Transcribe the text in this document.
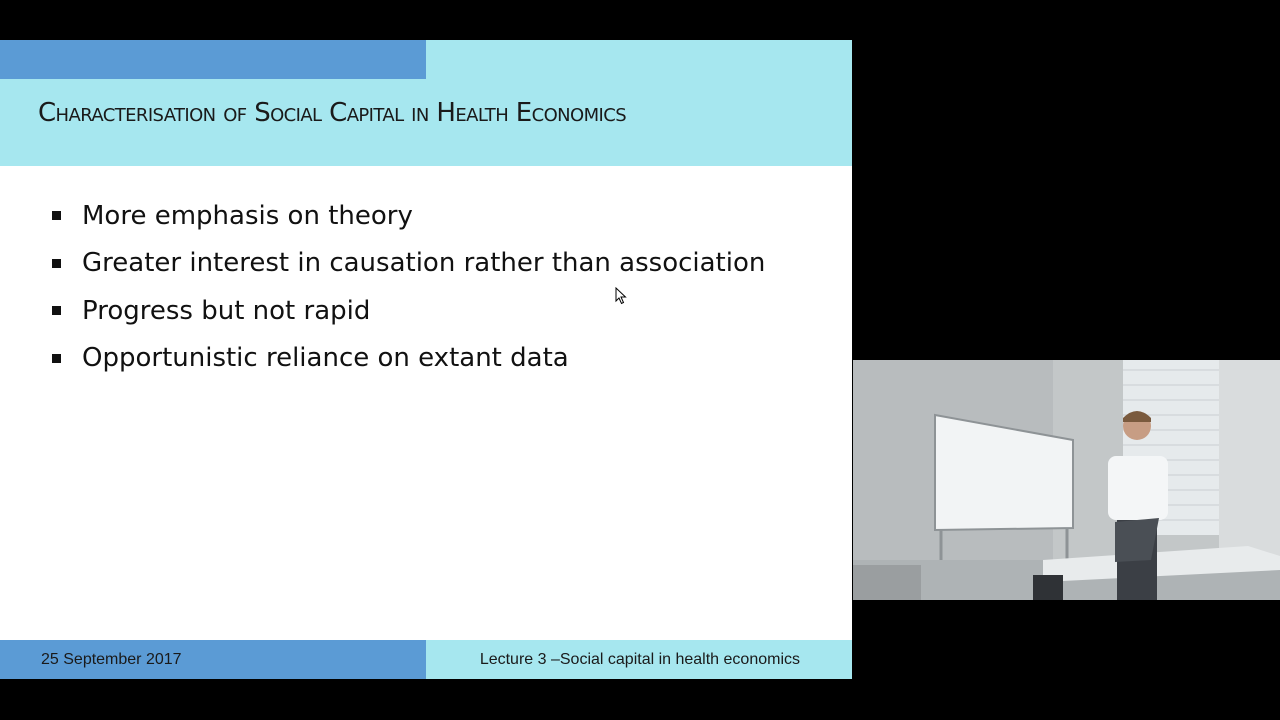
Characterisation of Social Capital in Health Economics
More emphasis on theory
Greater interest in causation rather than association
Progress but not rapid
Opportunistic reliance on extant data
25 September 2017	Lecture 3 –Social capital in health economics
